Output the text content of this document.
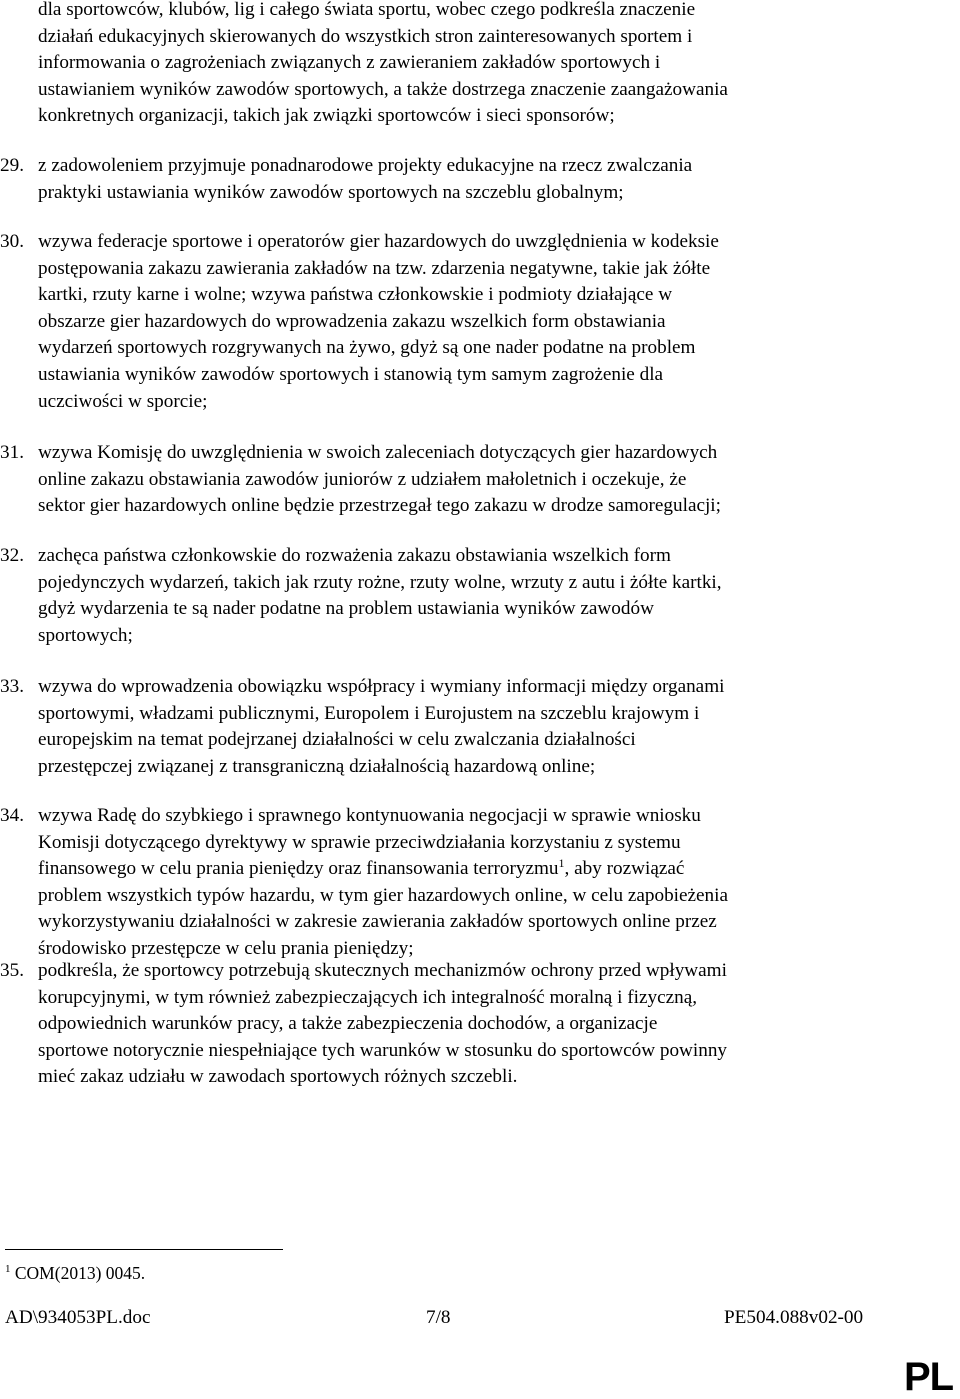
dla sportowców, klubów, lig i całego świata sportu, wobec czego podkreśla znaczenie
działań edukacyjnych skierowanych do wszystkich stron zainteresowanych sportem i
informowania o zagrożeniach związanych z zawieraniem zakładów sportowych i
ustawianiem wyników zawodów sportowych, a także dostrzega znaczenie zaangażowania
konkretnych organizacji, takich jak związki sportowców i sieci sponsorów;
29. z zadowoleniem przyjmuje ponadnarodowe projekty edukacyjne na rzecz zwalczania
praktyki ustawiania wyników zawodów sportowych na szczeblu globalnym;
30. wzywa federacje sportowe i operatorów gier hazardowych do uwzględnienia w kodeksie
postępowania zakazu zawierania zakładów na tzw. zdarzenia negatywne, takie jak żółte
kartki, rzuty karne i wolne; wzywa państwa członkowskie i podmioty działające w
obszarze gier hazardowych do wprowadzenia zakazu wszelkich form obstawiania
wydarzeń sportowych rozgrywanych na żywo, gdyż są one nader podatne na problem
ustawiania wyników zawodów sportowych i stanowią tym samym zagrożenie dla
uczciwości w sporcie;
31. wzywa Komisję do uwzględnienia w swoich zaleceniach dotyczących gier hazardowych
online zakazu obstawiania zawodów juniorów z udziałem małoletnich i oczekuje, że
sektor gier hazardowych online będzie przestrzegał tego zakazu w drodze samoregulacji;
32. zachęca państwa członkowskie do rozważenia zakazu obstawiania wszelkich form
pojedynczych wydarzeń, takich jak rzuty rożne, rzuty wolne, wrzuty z autu i żółte kartki,
gdyż wydarzenia te są nader podatne na problem ustawiania wyników zawodów
sportowych;
33. wzywa do wprowadzenia obowiązku współpracy i wymiany informacji między organami
sportowymi, władzami publicznymi, Europolem i Eurojustem na szczeblu krajowym i
europejskim na temat podejrzanej działalności w celu zwalczania działalności
przestępczej związanej z transgraniczną działalnością hazardową online;
34. wzywa Radę do szybkiego i sprawnego kontynuowania negocjacji w sprawie wniosku
Komisji dotyczącego dyrektywy w sprawie przeciwdziałania korzystaniu z systemu
finansowego w celu prania pieniędzy oraz finansowania terroryzmu$^1$, aby rozwiązać
problem wszystkich typów hazardu, w tym gier hazardowych online, w celu zapobieżenia
wykorzystywaniu działalności w zakresie zawierania zakładów sportowych online przez
środowisko przestępcze w celu prania pieniędzy;
35. podkreśla, że sportowcy potrzebują skutecznych mechanizmów ochrony przed wpływami
korupcyjnymi, w tym również zabezpieczających ich integralność moralną i fizyczną,
odpowiednich warunków pracy, a także zabezpieczenia dochodów, a organizacje
sportowe notorycznie niespełniające tych warunków w stosunku do sportowców powinny
mieć zakaz udziału w zawodach sportowych różnych szczebli.
$^1$ COM(2013) 0045.
AD\934053PL.doc	7/8	PE504.088v02-00
PL
